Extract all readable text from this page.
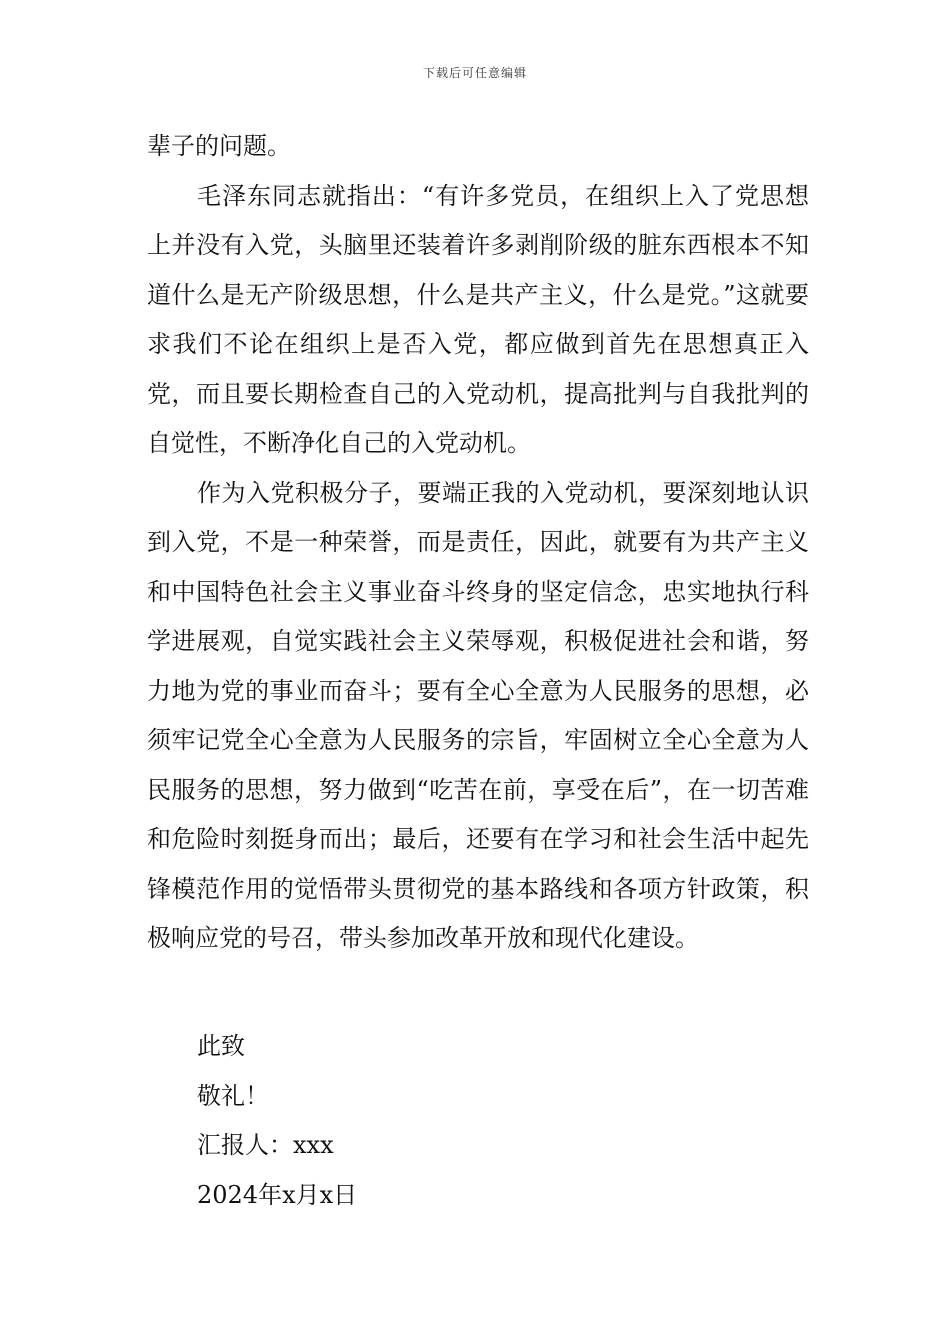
下载后可任意编辑

辈子的问题。

毛泽东同志就指出：“有许多党员，在组织上入了党思想上并没有入党，头脑里还装着许多剥削阶级的脏东西根本不知道什么是无产阶级思想，什么是共产主义，什么是党。”这就要求我们不论在组织上是否入党，都应做到首先在思想真正入党，而且要长期检查自己的入党动机，提高批判与自我批判的自觉性，不断净化自己的入党动机。

作为入党积极分子，要端正我的入党动机，要深刻地认识到入党，不是一种荣誉，而是责任，因此，就要有为共产主义和中国特色社会主义事业奋斗终身的坚定信念，忠实地执行科学进展观，自觉实践社会主义荣辱观，积极促进社会和谐，努力地为党的事业而奋斗；要有全心全意为人民服务的思想，必须牢记党全心全意为人民服务的宗旨，牢固树立全心全意为人民服务的思想，努力做到“吃苦在前，享受在后”，在一切苦难和危险时刻挺身而出；最后，还要有在学习和社会生活中起先锋模范作用的觉悟带头贯彻党的基本路线和各项方针政策，积极响应党的号召，带头参加改革开放和现代化建设。

此致
敬礼！
汇报人：xxx
2024年x月x日
